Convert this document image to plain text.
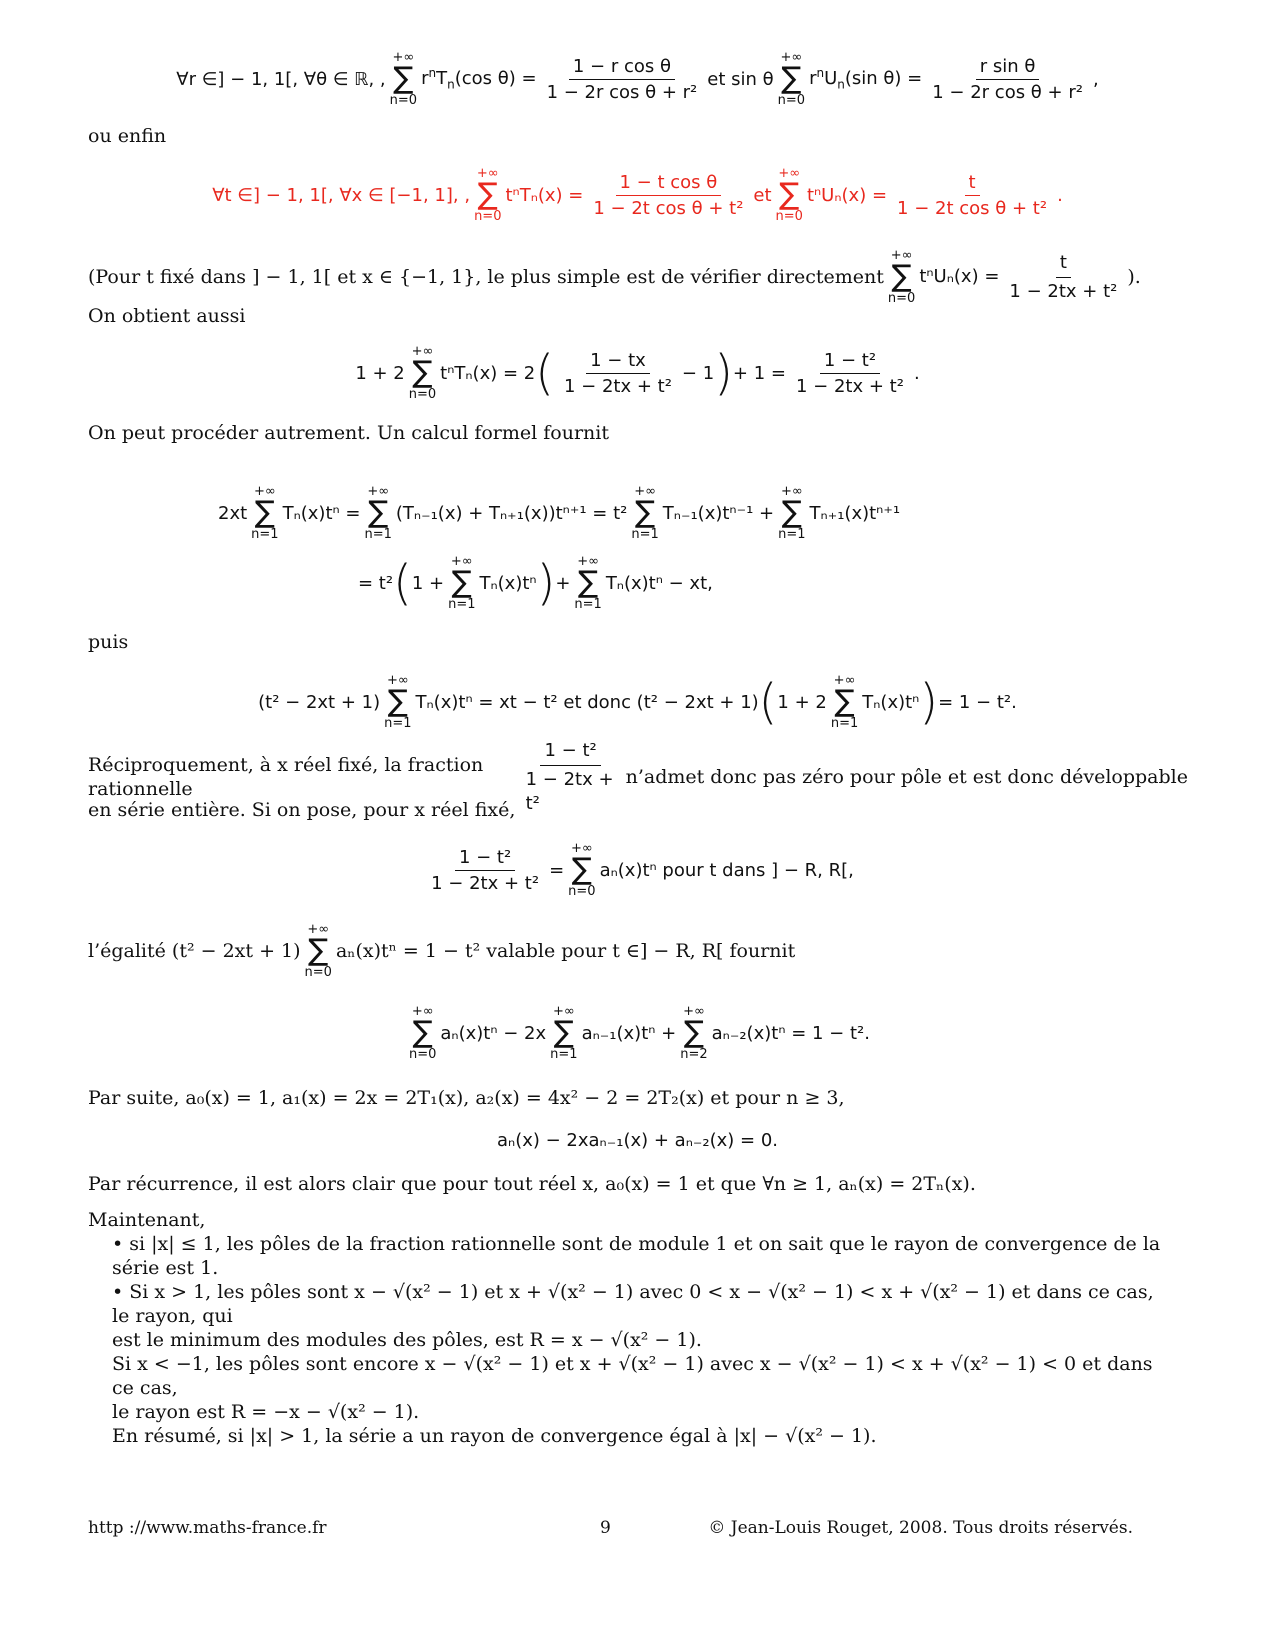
∀r ∈] − 1, 1[, ∀θ ∈ ℝ, ,
+∞
∑
n=0
$r^nT_n(\cos$ $\theta) = \frac{\text{1 − r cos θ}}{\text{1 − 2r cos θ + r²}}$ et sin θ
+∞
∑
n=0
$r^nU_n(\sin$ $\theta) = \frac{\text{r sin θ}}{\text{1 − 2r cos θ + r²}}$ ,
ou enfin
∀t ∈] − 1, 1[, ∀x ∈ [−1, 1], ,
+∞
∑
n=0
$t^nT_n(x) = \frac{\text{1 − t cos θ}}{\text{1 − 2t cos θ + t²}}$ et
+∞
∑
n=0
$t^nU_n(x) = \frac{t}{\text{1 − 2t cos θ + t²}}$ .
(Pour t fixé dans ] − 1, 1[ et x ∈ {−1, 1}, le plus simple est de vérifier directement
+∞
∑
n=0
$t^nU_n(x) = \frac{t}{\text{1 − 2tx + t²}}$ ).
On obtient aussi
1 + 2
+∞
∑
n=0
tⁿTₙ(x) = 2 ( $\frac{1 - tx}{\text{1 − 2tx + t²}} - 1$ ) + $1 = \frac{\text{1 − t²}}{\text{1 − 2tx + t²}}$ .
On peut procéder autrement. Un calcul formel fournit
2xt
+∞
∑
n=1
Tₙ(x)tⁿ =
+∞
∑
n=1
(Tₙ₋₁(x) + Tₙ₊₁(x))tⁿ⁺¹ = t²
+∞
∑
n=1
Tₙ₋₁(x)tⁿ⁻¹ +
+∞
∑
n=1
Tₙ₊₁(x)tⁿ⁺¹
= t² ( 1 +
+∞
∑
n=1
Tₙ(x)tⁿ ) +
+∞
∑
n=1
Tₙ(x)tⁿ − xt,
puis
(t² − 2xt + 1)
+∞
∑
n=1
Tₙ(x)tⁿ = xt − t² et donc (t² − 2xt + 1) ( 1 + 2
+∞
∑
n=1
Tₙ(x)tⁿ ) = 1 − t².
Réciproquement, à x réel fixé, la fraction rationnelle	$\frac{\text{1 − t²}}{\text{1 − 2tx + t²}}$ n’admet donc pas zéro pour pôle et est donc développable
en série entière. Si on pose, pour x réel fixé,
$\frac{\text{1 − t²}}{\text{1 − 2tx + t²}}$ =
+∞
∑
n=0
aₙ(x)tⁿ pour t dans ] − R, R[,
l’égalité (t² − 2xt + 1)
+∞
∑
n=0
aₙ(x)tⁿ = 1 − t² valable pour t ∈] − R, R[ fournit
+∞
∑
n=0
aₙ(x)tⁿ − 2x
+∞
∑
n=1
aₙ₋₁(x)tⁿ +
+∞
∑
n=2
aₙ₋₂(x)tⁿ = 1 − t².
Par suite, a₀(x) = 1, a₁(x) = 2x = 2T₁(x), a₂(x) = 4x² − 2 = 2T₂(x) et pour n ≥ 3,
aₙ(x) − 2xaₙ₋₁(x) + aₙ₋₂(x) = 0.
Par récurrence, il est alors clair que pour tout réel x, a₀(x) = 1 et que ∀n ≥ 1, aₙ(x) = 2Tₙ(x).
Maintenant,
• si |x| ≤ 1, les pôles de la fraction rationnelle sont de module 1 et on sait que le rayon de convergence de la série est 1.
• Si x > 1, les pôles sont x − √(x² − 1) et x + √(x² − 1) avec 0 < x − √(x² − 1) < x + √(x² − 1) et dans ce cas, le rayon, qui
est le minimum des modules des pôles, est R = x − √(x² − 1).
Si x < −1, les pôles sont encore x − √(x² − 1) et x + √(x² − 1) avec x − √(x² − 1) < x + √(x² − 1) < 0 et dans ce cas,
le rayon est R = −x − √(x² − 1).
En résumé, si |x| > 1, la série a un rayon de convergence égal à |x| − √(x² − 1).
http ://www.maths-france.fr	9	© Jean-Louis Rouget, 2008. Tous droits réservés.
